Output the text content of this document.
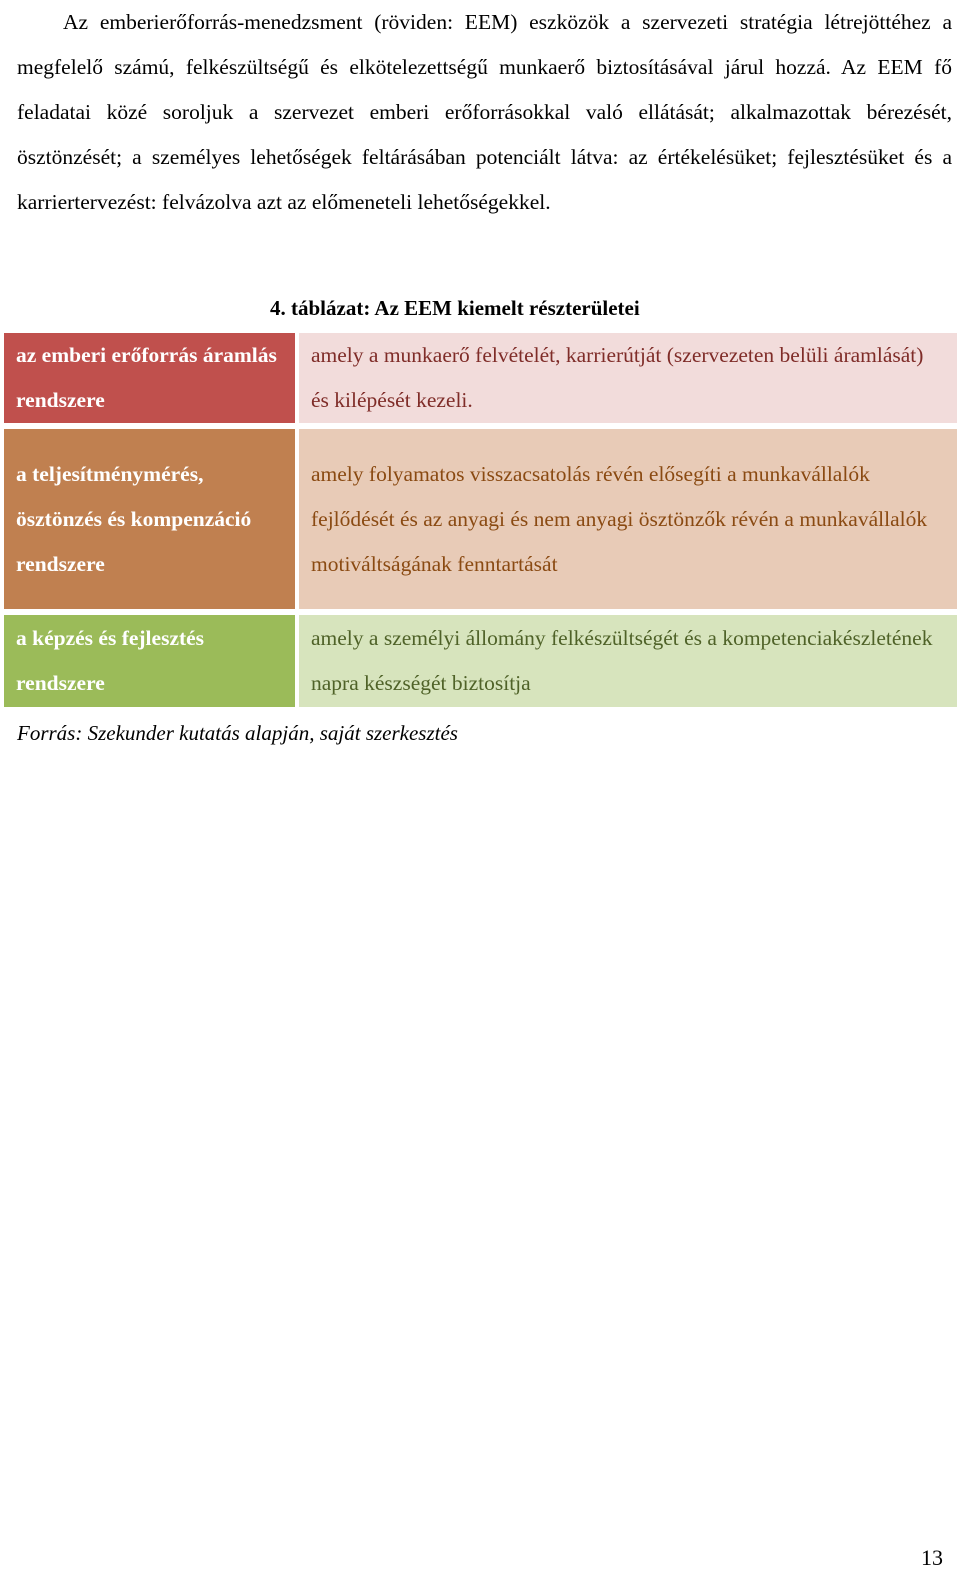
Az emberierőforrás-menedzsment (röviden: EEM) eszközök a szervezeti stratégia létrejöttéhez a megfelelő számú, felkészültségű és elkötelezettségű munkaerő biztosításával járul hozzá. Az EEM fő feladatai közé soroljuk a szervezet emberi erőforrásokkal való ellátását; alkalmazottak bérezését, ösztönzését; a személyes lehetőségek feltárásában potenciált látva: az értékelésüket; fejlesztésüket és a karriertervezést: felvázolva azt az előmeneteli lehetőségekkel.

4. táblázat: Az EEM kiemelt részterületei
az emberi erőforrás áramlás rendszere
amely a munkaerő felvételét, karrierútját (szervezeten belüli áramlását) és kilépését kezeli.
a teljesítménymérés, ösztönzés és kompenzáció rendszere
amely folyamatos visszacsatolás révén elősegíti a munkavállalók fejlődését és az anyagi és nem anyagi ösztönzők révén a munkavállalók motiváltságának fenntartását
a képzés és fejlesztés rendszere
amely a személyi állomány felkészültségét és a kompetenciakészletének napra készségét biztosítja
Forrás: Szekunder kutatás alapján, saját szerkesztés
13
